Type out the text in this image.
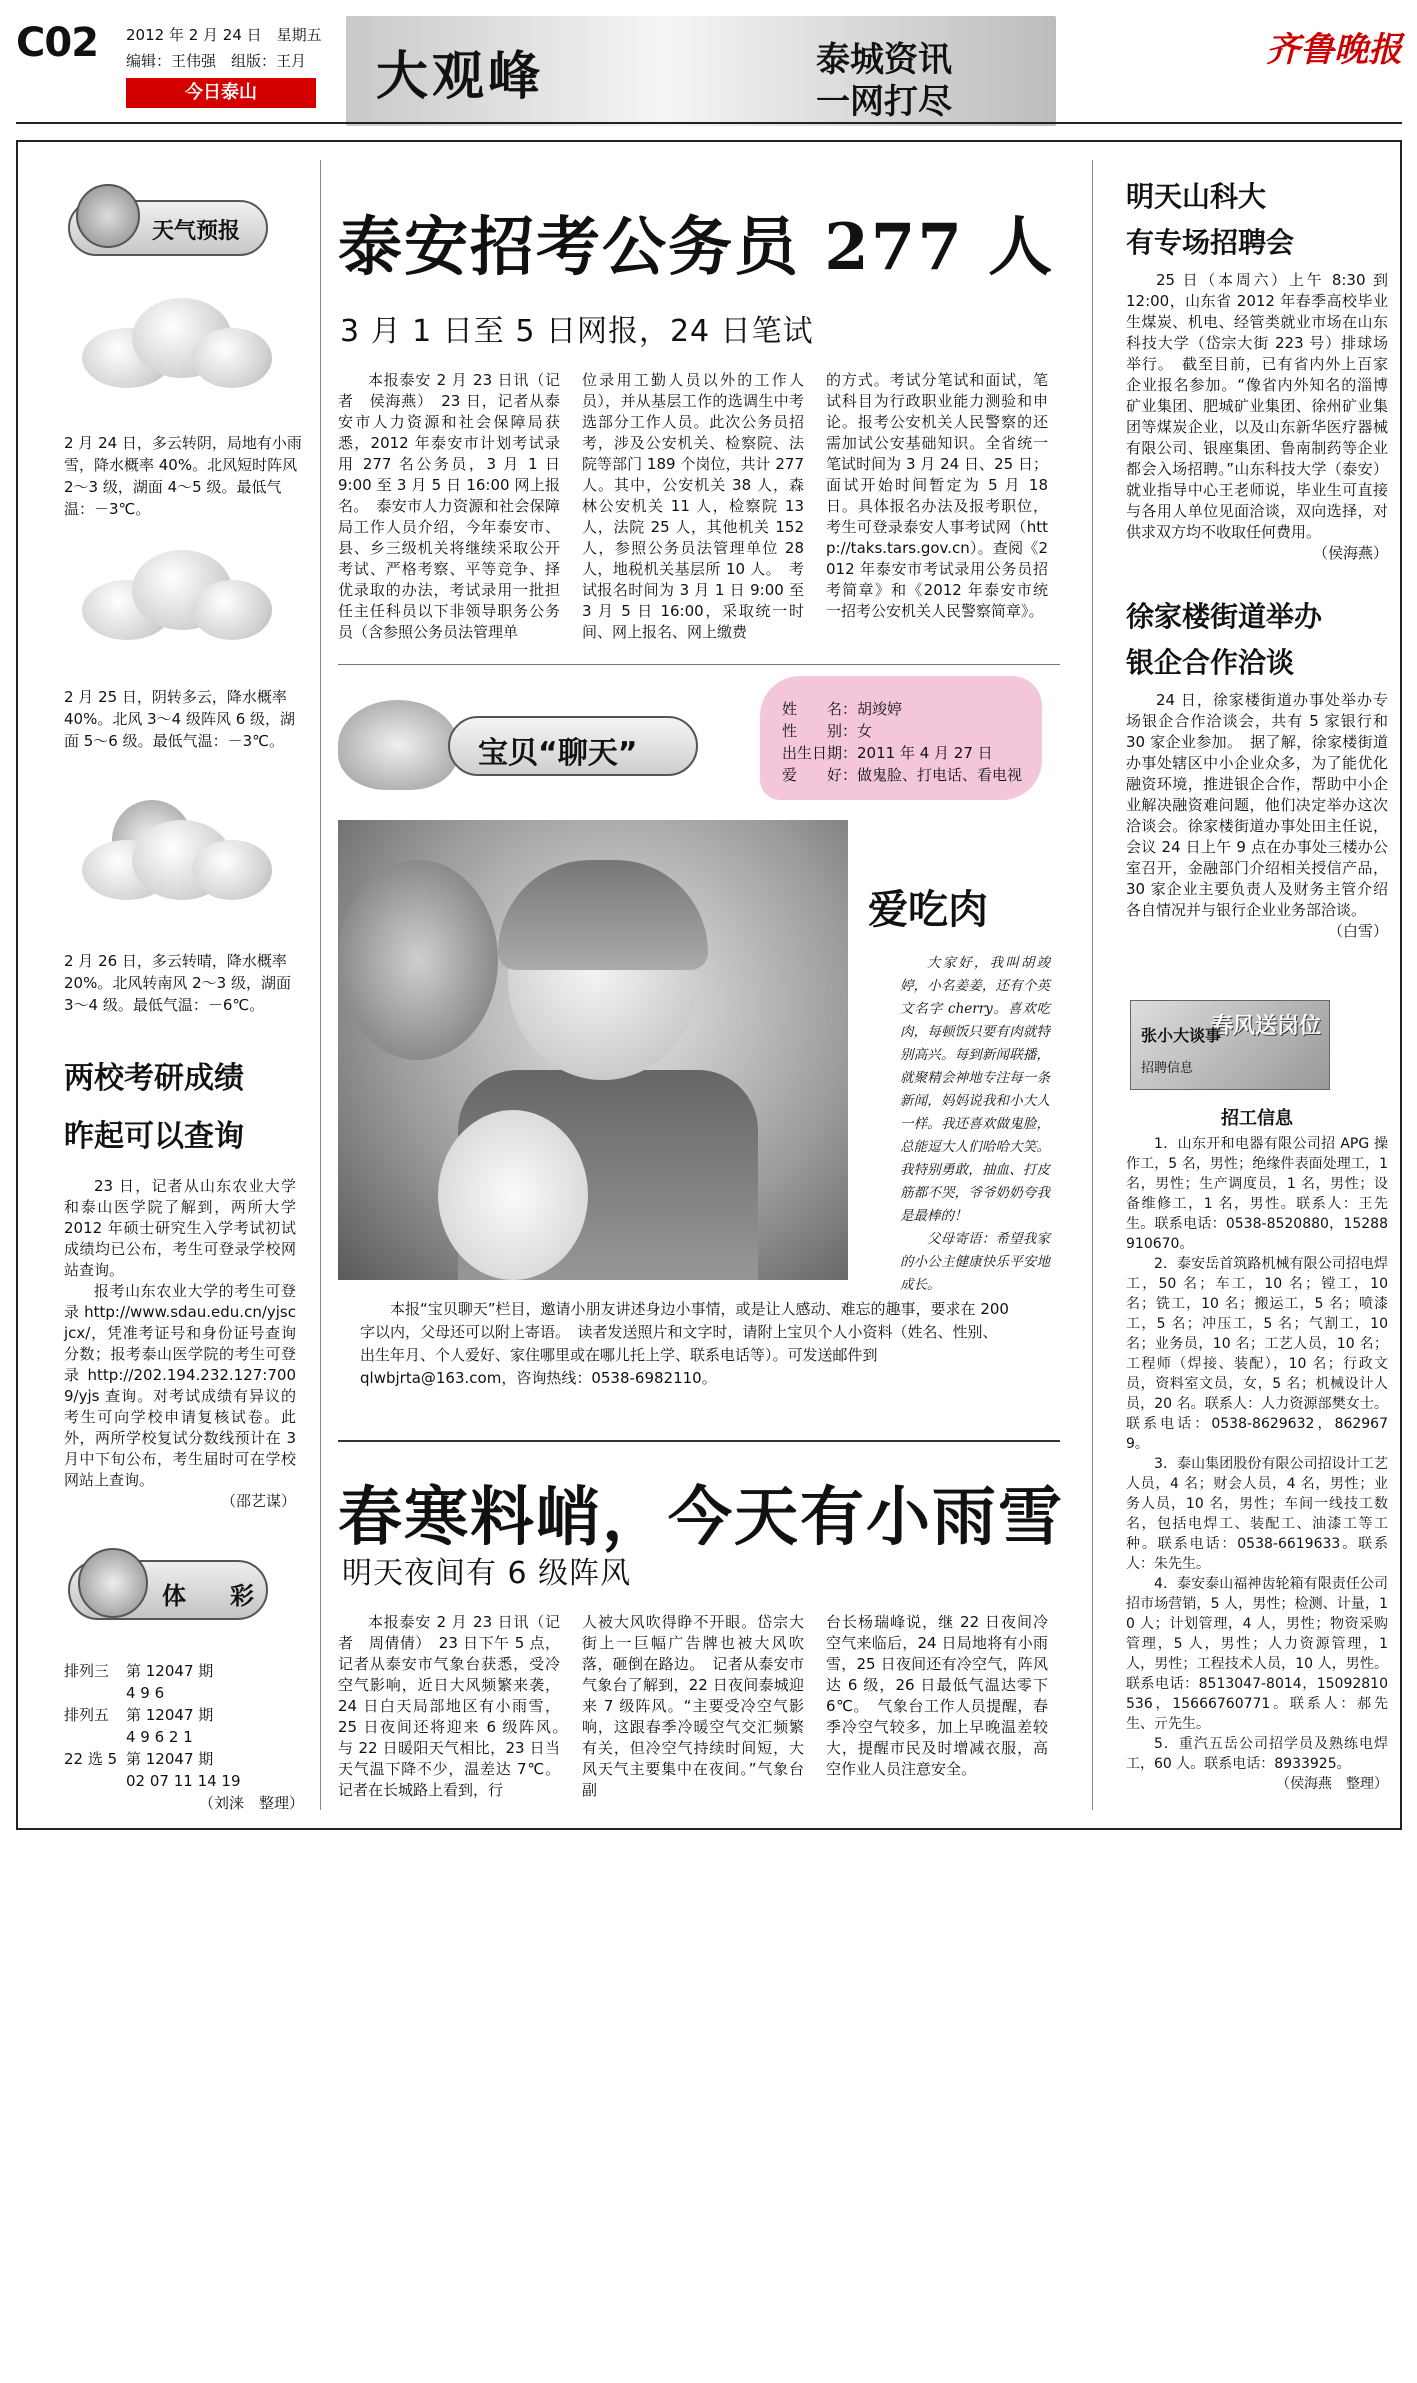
C02 2012 年 2 月 24 日　星期五
编辑：王伟强　组版：王月
今日泰山	大观峰	泰城资讯
一网打尽
齐鲁晚报
天气预报
2 月 24 日，多云转阴，局地有小雨雪，降水概率 40%。北风短时阵风 2～3 级，湖面 4～5 级。最低气温：－3℃。
2 月 25 日，阴转多云，降水概率 40%。北风 3～4 级阵风 6 级，湖面 5～6 级。最低气温：－3℃。
2 月 26 日，多云转晴，降水概率 20%。北风转南风 2～3 级，湖面 3～4 级。最低气温：－6℃。
两校考研成绩
昨起可以查询

23 日，记者从山东农业大学和泰山医学院了解到，两所大学 2012 年硕士研究生入学考试初试成绩均已公布，考生可登录学校网站查询。

报考山东农业大学的考生可登录 http://www.sdau.edu.cn/yjscjcx/，凭准考证号和身份证号查询分数；报考泰山医学院的考生可登录 http://202.194.232.127:7009/yjs 查询。对考试成绩有异议的考生可向学校申请复核试卷。此外，两所学校复试分数线预计在 3 月中下旬公布，考生届时可在学校网站上查询。

（邵艺谋）

体　彩
排列三 第 12047 期
4 9 6
排列五 第 12047 期
4 9 6 2 1
22 选 5 第 12047 期
02 07 11 14 19
（刘涞　整理）
泰安招考公务员 277 人
3 月 1 日至 5 日网报，24 日笔试
本报泰安 2 月 23 日讯（记者　侯海燕）　23 日，记者从泰安市人力资源和社会保障局获悉，2012 年泰安市计划考试录用 277 名公务员，3 月 1 日 9:00 至 3 月 5 日 16:00 网上报名。　泰安市人力资源和社会保障局工作人员介绍，今年泰安市、县、乡三级机关将继续采取公开考试、严格考察、平等竞争、择优录取的办法，考试录用一批担任主任科员以下非领导职务公务员（含参照公务员法管理单
位录用工勤人员以外的工作人员），并从基层工作的选调生中考选部分工作人员。此次公务员招考，涉及公安机关、检察院、法院等部门 189 个岗位，共计 277 人。其中，公安机关 38 人，森林公安机关 11 人，检察院 13 人，法院 25 人，其他机关 152 人，参照公务员法管理单位 28 人，地税机关基层所 10 人。　考试报名时间为 3 月 1 日 9:00 至 3 月 5 日 16:00，采取统一时间、网上报名、网上缴费
的方式。考试分笔试和面试，笔试科目为行政职业能力测验和申论。报考公安机关人民警察的还需加试公安基础知识。全省统一笔试时间为 3 月 24 日、25 日；面试开始时间暂定为 5 月 18 日。具体报名办法及报考职位，考生可登录泰安人事考试网（http://taks.tars.gov.cn）。查阅《2012 年泰安市考试录用公务员招考简章》和《2012 年泰安市统一招考公安机关人民警察简章》。
宝贝“聊天”
姓　　名：胡竣婷
性　　别：女
出生日期：2011 年 4 月 27 日
爱　　好：做鬼脸、打电话、看电视
爱吃肉

大家好，我叫胡竣婷，小名姜姜，还有个英文名字 cherry。喜欢吃肉，每顿饭只要有肉就特别高兴。每到新闻联播，就聚精会神地专注每一条新闻，妈妈说我和小大人一样。我还喜欢做鬼脸，总能逗大人们哈哈大笑。我特别勇敢，抽血、打皮筋都不哭，爷爷奶奶夸我是最棒的！

父母寄语：希望我家的小公主健康快乐平安地成长。

本报“宝贝聊天”栏目，邀请小朋友讲述身边小事情，或是让人感动、难忘的趣事，要求在 200 字以内，父母还可以附上寄语。　读者发送照片和文字时，请附上宝贝个人小资料（姓名、性别、出生年月、个人爱好、家住哪里或在哪儿托上学、联系电话等）。可发送邮件到 qlwbjrta@163.com，咨询热线：0538-6982110。
春寒料峭，今天有小雨雪
明天夜间有 6 级阵风
本报泰安 2 月 23 日讯（记者　周倩倩）　23 日下午 5 点，记者从泰安市气象台获悉，受冷空气影响，近日大风频繁来袭，24 日白天局部地区有小雨雪，25 日夜间还将迎来 6 级阵风。　与 22 日暖阳天气相比，23 日当天气温下降不少，温差达 7℃。记者在长城路上看到，行
人被大风吹得睁不开眼。岱宗大街上一巨幅广告牌也被大风吹落，砸倒在路边。　记者从泰安市气象台了解到，22 日夜间泰城迎来 7 级阵风。“主要受冷空气影响，这跟春季冷暖空气交汇频繁有关，但冷空气持续时间短，大风天气主要集中在夜间。”气象台副
台长杨瑞峰说，继 22 日夜间冷空气来临后，24 日局地将有小雨雪，25 日夜间还有冷空气，阵风达 6 级，26 日最低气温达零下 6℃。　气象台工作人员提醒，春季冷空气较多，加上早晚温差较大，提醒市民及时增减衣服，高空作业人员注意安全。
明天山科大
有专场招聘会

25 日（本周六）上午 8:30 到 12:00，山东省 2012 年春季高校毕业生煤炭、机电、经管类就业市场在山东科技大学（岱宗大街 223 号）排球场举行。　截至目前，已有省内外上百家企业报名参加。“像省内外知名的淄博矿业集团、肥城矿业集团、徐州矿业集团等煤炭企业，以及山东新华医疗器械有限公司、银座集团、鲁南制药等企业都会入场招聘。”山东科技大学（泰安）就业指导中心王老师说，毕业生可直接与各用人单位见面洽谈，双向选择，对供求双方均不收取任何费用。

（侯海燕）

徐家楼街道举办
银企合作洽谈

24 日，徐家楼街道办事处举办专场银企合作洽谈会，共有 5 家银行和 30 家企业参加。　据了解，徐家楼街道办事处辖区中小企业众多，为了能优化融资环境，推进银企合作，帮助中小企业解决融资难问题，他们决定举办这次洽谈会。徐家楼街道办事处田主任说，会议 24 日上午 9 点在办事处三楼办公室召开，金融部门介绍相关授信产品，30 家企业主要负责人及财务主管介绍各自情况并与银行企业业务部洽谈。

（白雪）

春风送岗位
张小大谈事
招聘信息
招工信息

1．山东开和电器有限公司招 APG 操作工，5 名，男性；绝缘件表面处理工，1 名，男性；生产调度员，1 名，男性；设备维修工，1 名，男性。联系人：王先生。联系电话：0538-8520880，15288910670。

2．泰安岳首筑路机械有限公司招电焊工，50 名；车工，10 名；镗工，10 名；铣工，10 名；搬运工，5 名；喷漆工，5 名；冲压工，5 名；气割工，10 名；业务员，10 名；工艺人员，10 名；工程师（焊接、装配），10 名；行政文员，资料室文员，女，5 名；机械设计人员，20 名。联系人：人力资源部樊女士。联系电话：0538-8629632，8629679。

3．泰山集团股份有限公司招设计工艺人员，4 名；财会人员，4 名，男性；业务人员，10 名，男性；车间一线技工数名，包括电焊工、装配工、油漆工等工种。联系电话：0538-6619633。联系人：朱先生。

4．泰安泰山福神齿轮箱有限责任公司招市场营销，5 人，男性；检测、计量，10 人；计划管理，4 人，男性；物资采购管理，5 人，男性；人力资源管理，1 人，男性；工程技术人员，10 人，男性。联系电话：8513047-8014，15092810536，15666760771。联系人：郝先生、亓先生。

5．重汽五岳公司招学员及熟练电焊工，60 人。联系电话：8933925。

（侯海燕　整理）
